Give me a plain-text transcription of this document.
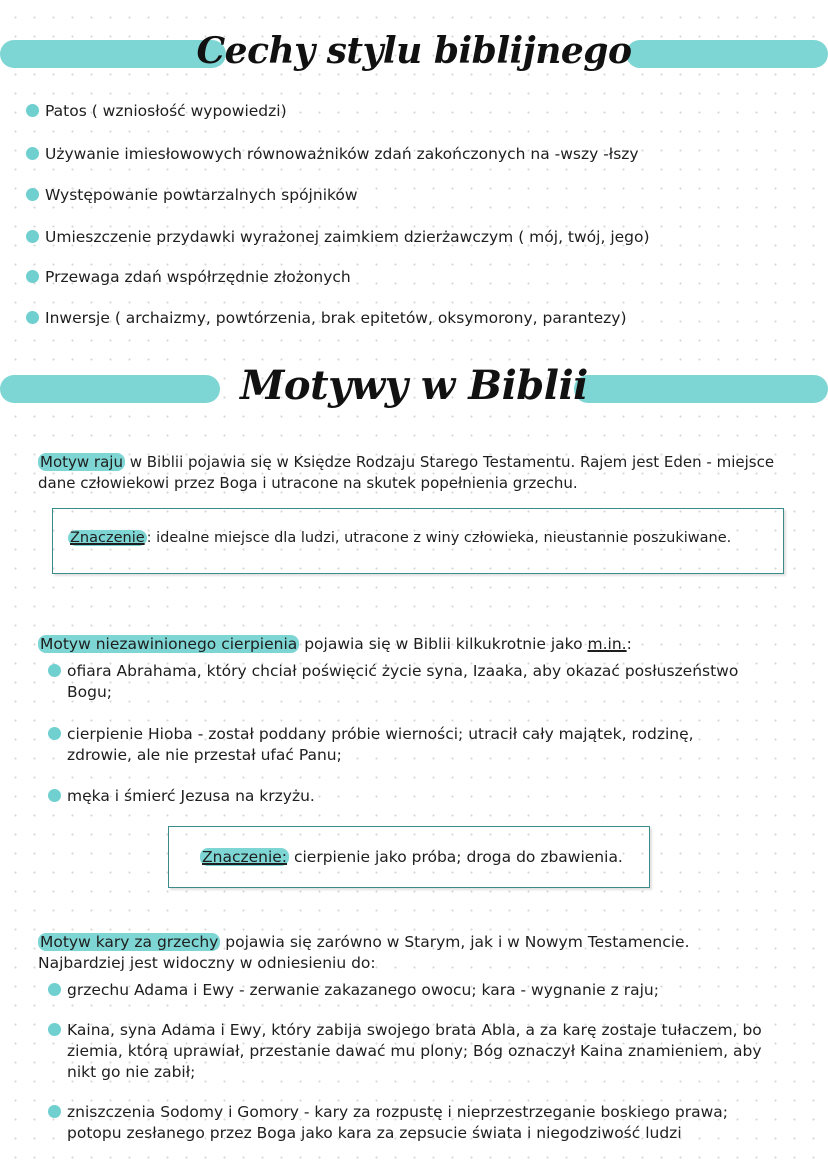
Cechy stylu biblijnego
Patos ( wzniosłość wypowiedzi)
Używanie imiesłowowych równoważników zdań zakończonych na -wszy -łszy
Występowanie powtarzalnych spójników
Umieszczenie przydawki wyrażonej zaimkiem dzierżawczym ( mój, twój, jego)
Przewaga zdań współrzędnie złożonych
Inwersje ( archaizmy, powtórzenia, brak epitetów, oksymorony, parantezy)
Motywy w Biblii
Motyw raju w Biblii pojawia się w Księdze Rodzaju Starego Testamentu. Rajem jest Eden - miejsce
dane człowiekowi przez Boga i utracone na skutek popełnienia grzechu.
Znaczenie : idealne miejsce dla ludzi, utracone z winy człowieka, nieustannie poszukiwane.
Motyw niezawinionego cierpienia pojawia się w Biblii kilkukrotnie jako m.in.:
ofiara Abrahama, który chciał poświęcić życie syna, Izaaka, aby okazać posłuszeństwo
Bogu;
cierpienie Hioba - został poddany próbie wierności; utracił cały majątek, rodzinę,
zdrowie, ale nie przestał ufać Panu;
męka i śmierć Jezusa na krzyżu.
Znaczenie: cierpienie jako próba; droga do zbawienia.
Motyw kary za grzechy pojawia się zarówno w Starym, jak i w Nowym Testamencie.
Najbardziej jest widoczny w odniesieniu do:
grzechu Adama i Ewy - zerwanie zakazanego owocu; kara - wygnanie z raju;
Kaina, syna Adama i Ewy, który zabija swojego brata Abla, a za karę zostaje tułaczem, bo
ziemia, którą uprawiał, przestanie dawać mu plony; Bóg oznaczył Kaina znamieniem, aby
nikt go nie zabił;
zniszczenia Sodomy i Gomory - kary za rozpustę i nieprzestrzeganie boskiego prawa;
potopu zesłanego przez Boga jako kara za zepsucie świata i niegodziwość ludzi
